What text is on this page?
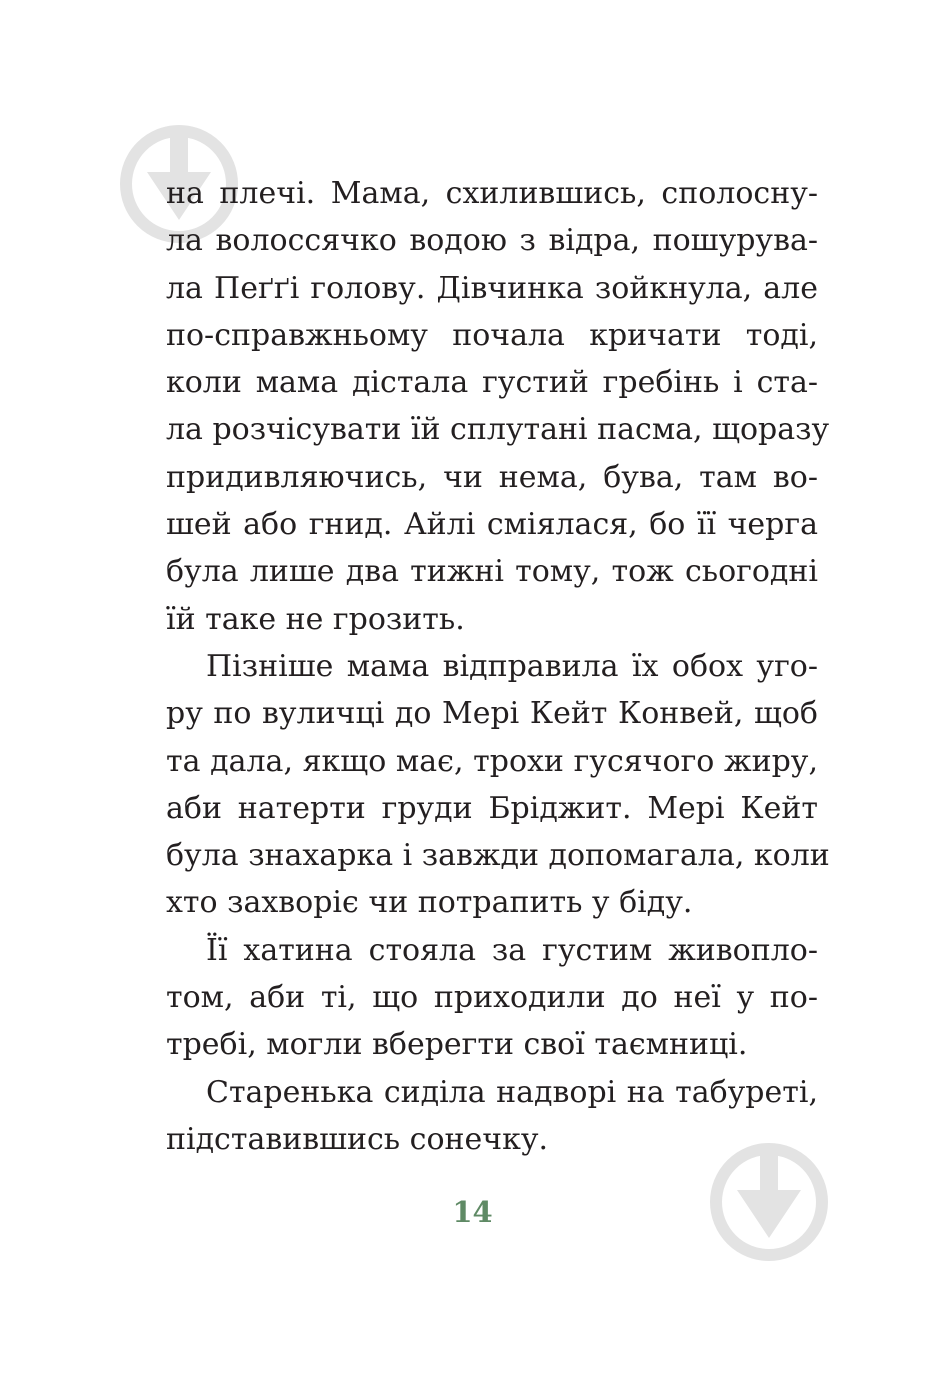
на плечі. Мама, схилившись, сполосну-
ла волоссячко водою з відра, пошурува-
ла Пеґґі голову. Дівчинка зойкнула, але
по-справжньому почала кричати тоді,
коли мама дістала густий гребінь і ста-
ла розчісувати їй сплутані пасма, щоразу
придивляючись, чи нема, бува, там во-
шей або гнид. Айлі сміялася, бо її черга
була лише два тижні тому, тож сьогодні
їй таке не грозить.
Пізніше мама відправила їх обох уго-
ру по вуличці до Мері Кейт Конвей, щоб
та дала, якщо має, трохи гусячого жиру,
аби натерти груди Бріджит. Мері Кейт
була знахарка і завжди допомагала, коли
хто захворіє чи потрапить у біду.
Її хатина стояла за густим живопло-
том, аби ті, що приходили до неї у по-
требі, могли вберегти свої таємниці.
Старенька сиділа надворі на табуреті,
підставившись сонечку.
14
